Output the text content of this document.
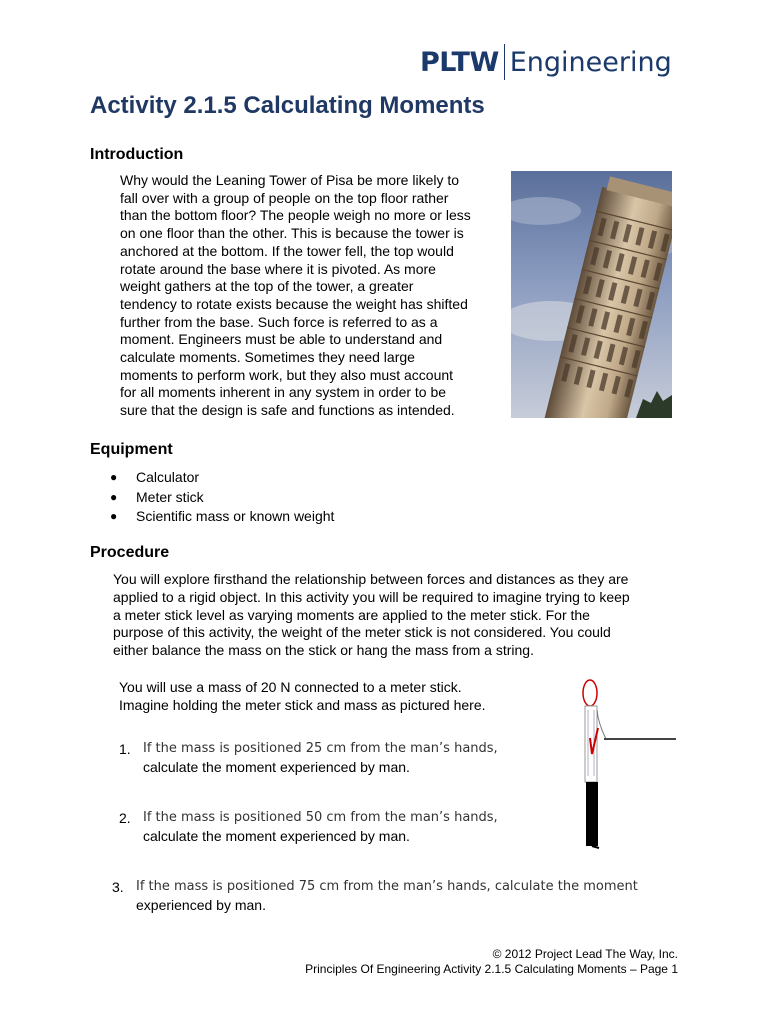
PLTW Engineering
Activity 2.1.5 Calculating Moments
Introduction
Why would the Leaning Tower of Pisa be more likely to
fall over with a group of people on the top floor rather
than the bottom floor? The people weigh no more or less
on one floor than the other. This is because the tower is
anchored at the bottom. If the tower fell, the top would
rotate around the base where it is pivoted. As more
weight gathers at the top of the tower, a greater
tendency to rotate exists because the weight has shifted
further from the base. Such force is referred to as a
moment. Engineers must be able to understand and
calculate moments. Sometimes they need large
moments to perform work, but they also must account
for all moments inherent in any system in order to be
sure that the design is safe and functions as intended.
Equipment
●	Calculator
●	Meter stick
●	Scientific mass or known weight
Procedure
You will explore firsthand the relationship between forces and distances as they are
applied to a rigid object. In this activity you will be required to imagine trying to keep
a meter stick level as varying moments are applied to the meter stick. For the
purpose of this activity, the weight of the meter stick is not considered. You could
either balance the mass on the stick or hang the mass from a string.
You will use a mass of 20 N connected to a meter stick.
Imagine holding the meter stick and mass as pictured here.
1. If the mass is positioned 25 cm from the man’s hands,
calculate the moment experienced by man.
2. If the mass is positioned 50 cm from the man’s hands,
calculate the moment experienced by man.
3. If the mass is positioned 75 cm from the man’s hands, calculate the moment
experienced by man.
© 2012 Project Lead The Way, Inc.
Principles Of Engineering Activity 2.1.5 Calculating Moments – Page 1
